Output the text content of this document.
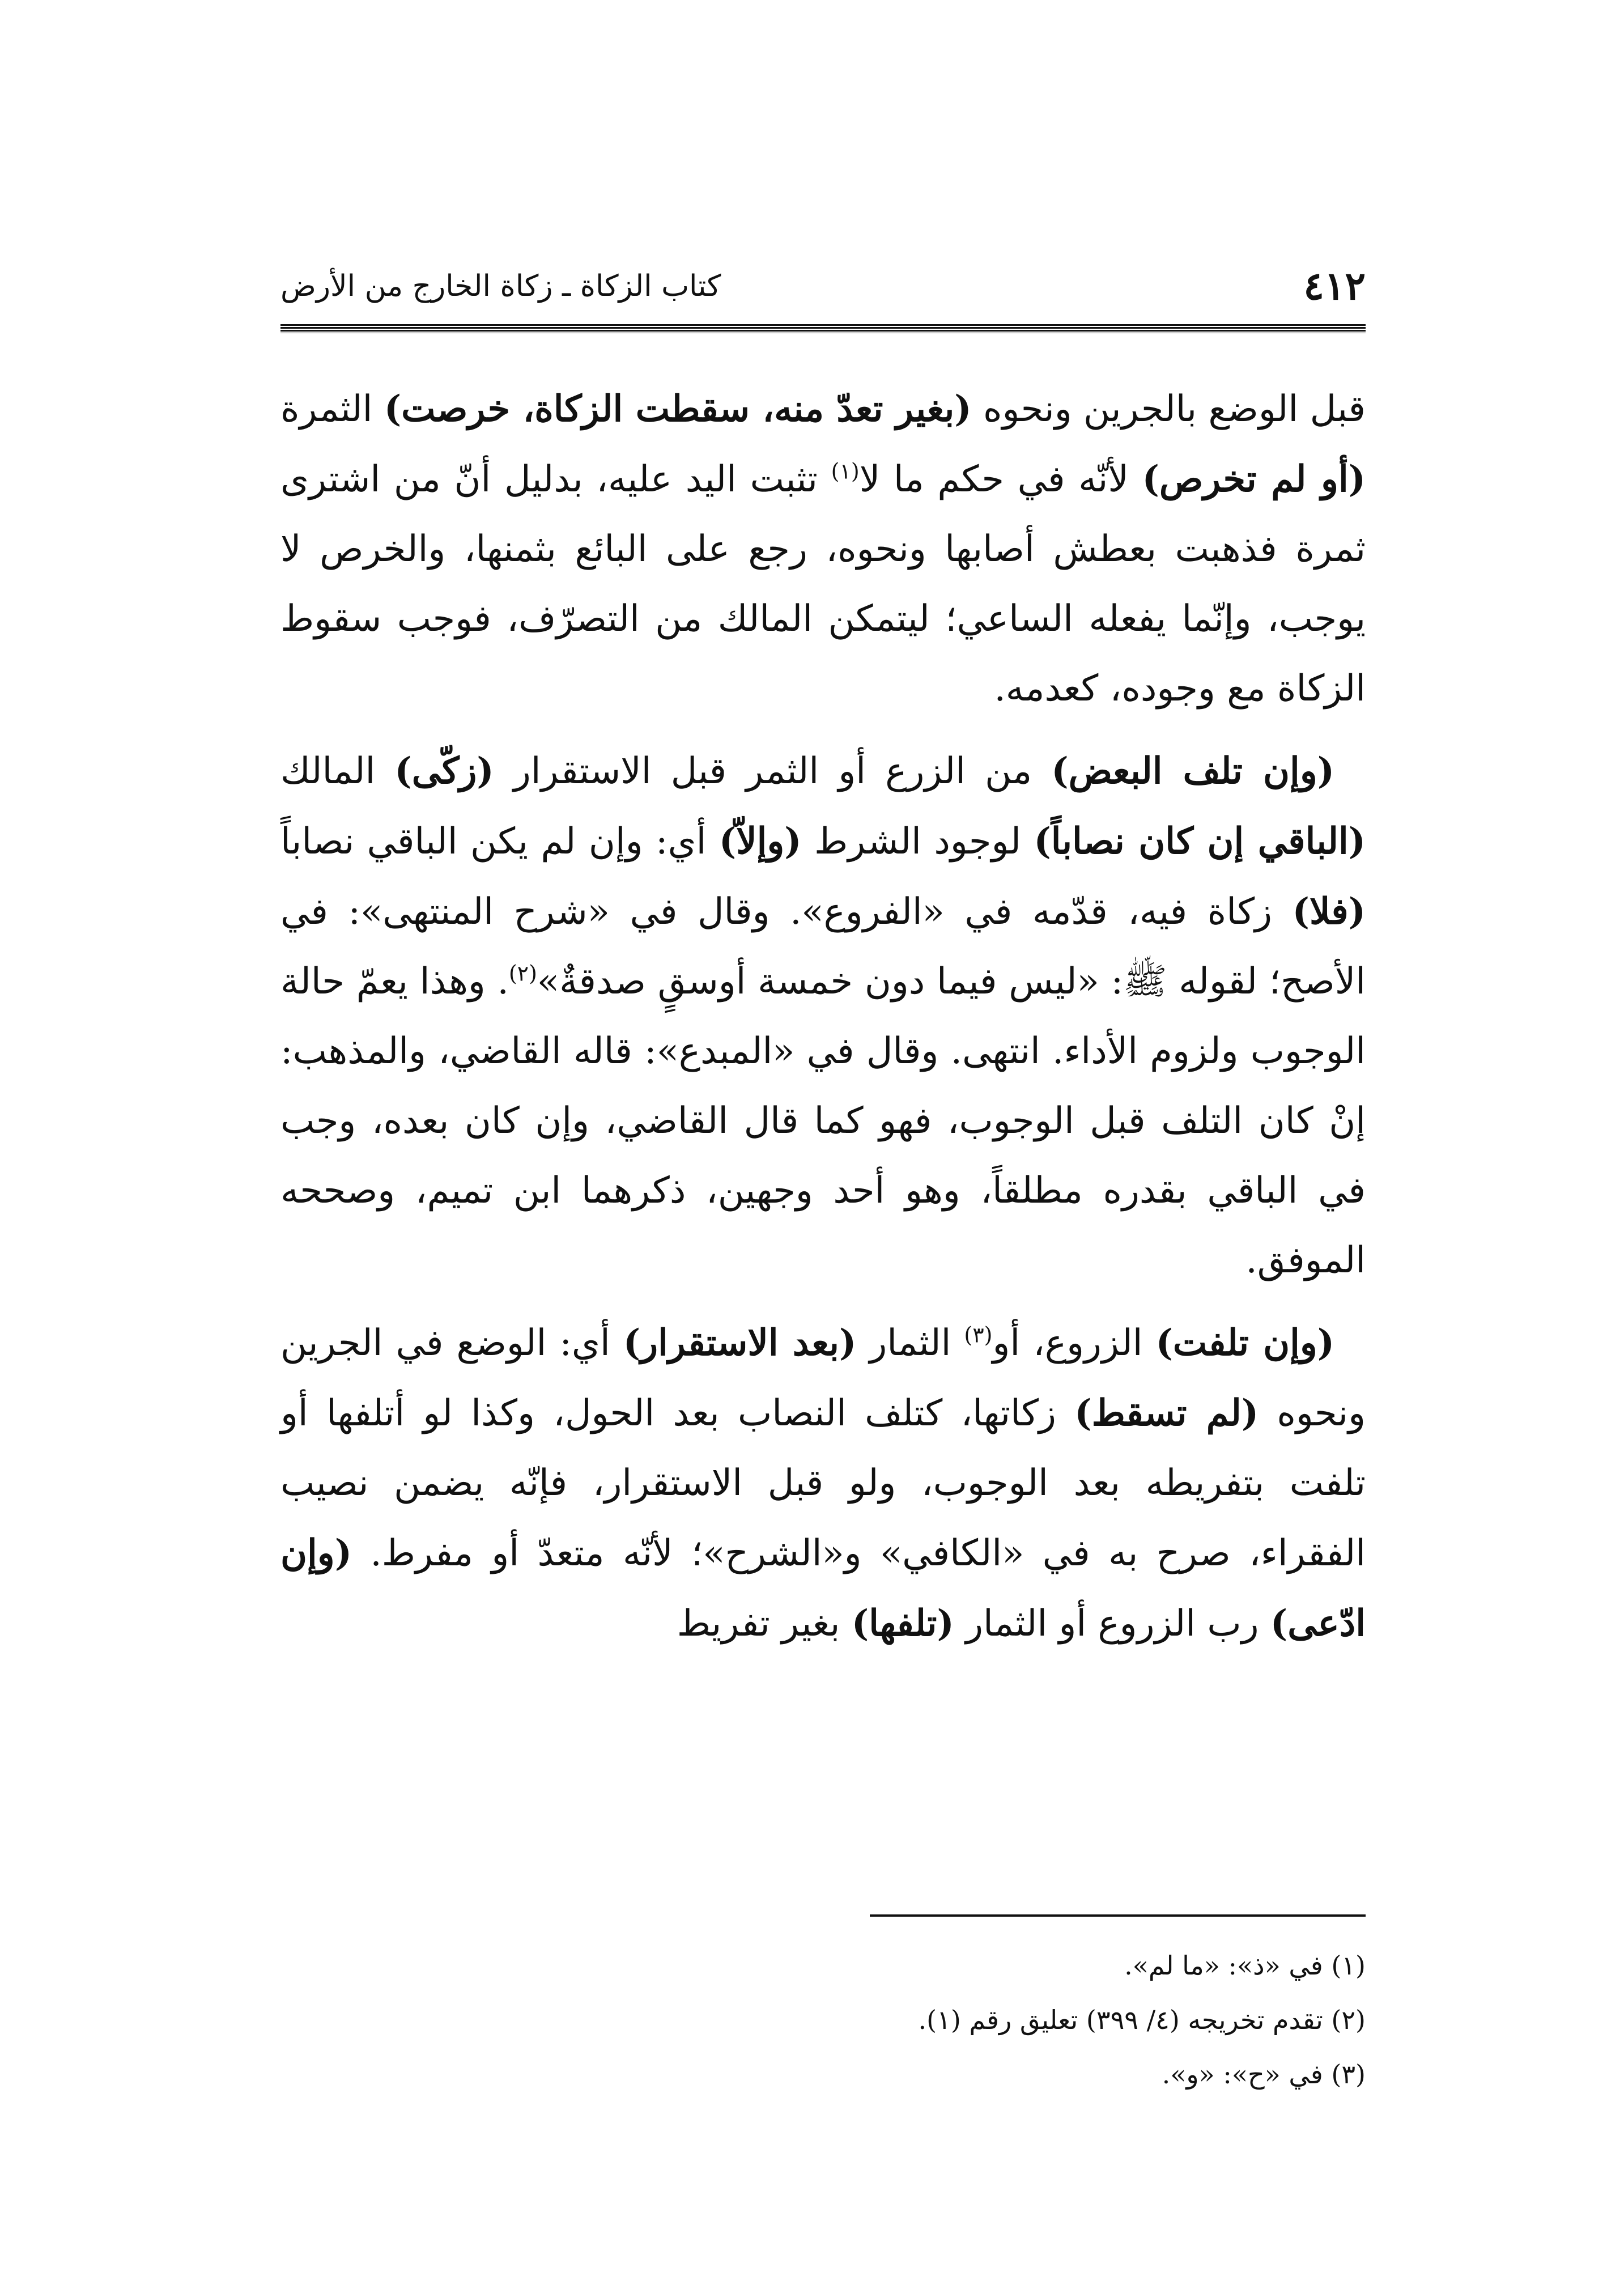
٤١٢
كتاب الزكاة ـ زكاة الخارج من الأرض

قبل الوضع بالجرين ونحوه (بغير تعدّ منه، سقطت الزكاة، خرصت) الثمرة (أو لم تخرص) لأنّه في حكم ما لا$^{(١)}$ تثبت اليد عليه، بدليل أنّ من اشترى ثمرة فذهبت بعطش أصابها ونحوه، رجع على البائع بثمنها، والخرص لا يوجب، وإنّما يفعله الساعي؛ ليتمكن المالك من التصرّف، فوجب سقوط الزكاة مع وجوده، كعدمه.

(وإن تلف البعض) من الزرع أو الثمر قبل الاستقرار (زكّى) المالك (الباقي إن كان نصاباً) لوجود الشرط (وإلاّ) أي: وإن لم يكن الباقي نصاباً (فلا) زكاة فيه، قدّمه في «الفروع». وقال في «شرح المنتهى»: في الأصح؛ لقوله ﷺ: «ليس فيما دون خمسة أوسقٍ صدقةٌ»$^{(٢)}$. وهذا يعمّ حالة الوجوب ولزوم الأداء. انتهى. وقال في «المبدع»: قاله القاضي، والمذهب: إنْ كان التلف قبل الوجوب، فهو كما قال القاضي، وإن كان بعده، وجب في الباقي بقدره مطلقاً، وهو أحد وجهين، ذكرهما ابن تميم، وصححه الموفق.

(وإن تلفت) الزروع، أو$^{(٣)}$ الثمار (بعد الاستقرار) أي: الوضع في الجرين ونحوه (لم تسقط) زكاتها، كتلف النصاب بعد الحول، وكذا لو أتلفها أو تلفت بتفريطه بعد الوجوب، ولو قبل الاستقرار، فإنّه يضمن نصيب الفقراء، صرح به في «الكافي» و«الشرح»؛ لأنّه متعدّ أو مفرط. (وإن ادّعى) رب الزروع أو الثمار (تلفها) بغير تفريط

(١) في «ذ»: «ما لم».
(٢) تقدم تخريجه (٤/ ٣٩٩) تعليق رقم (١).
(٣) في «ح»: «و».
